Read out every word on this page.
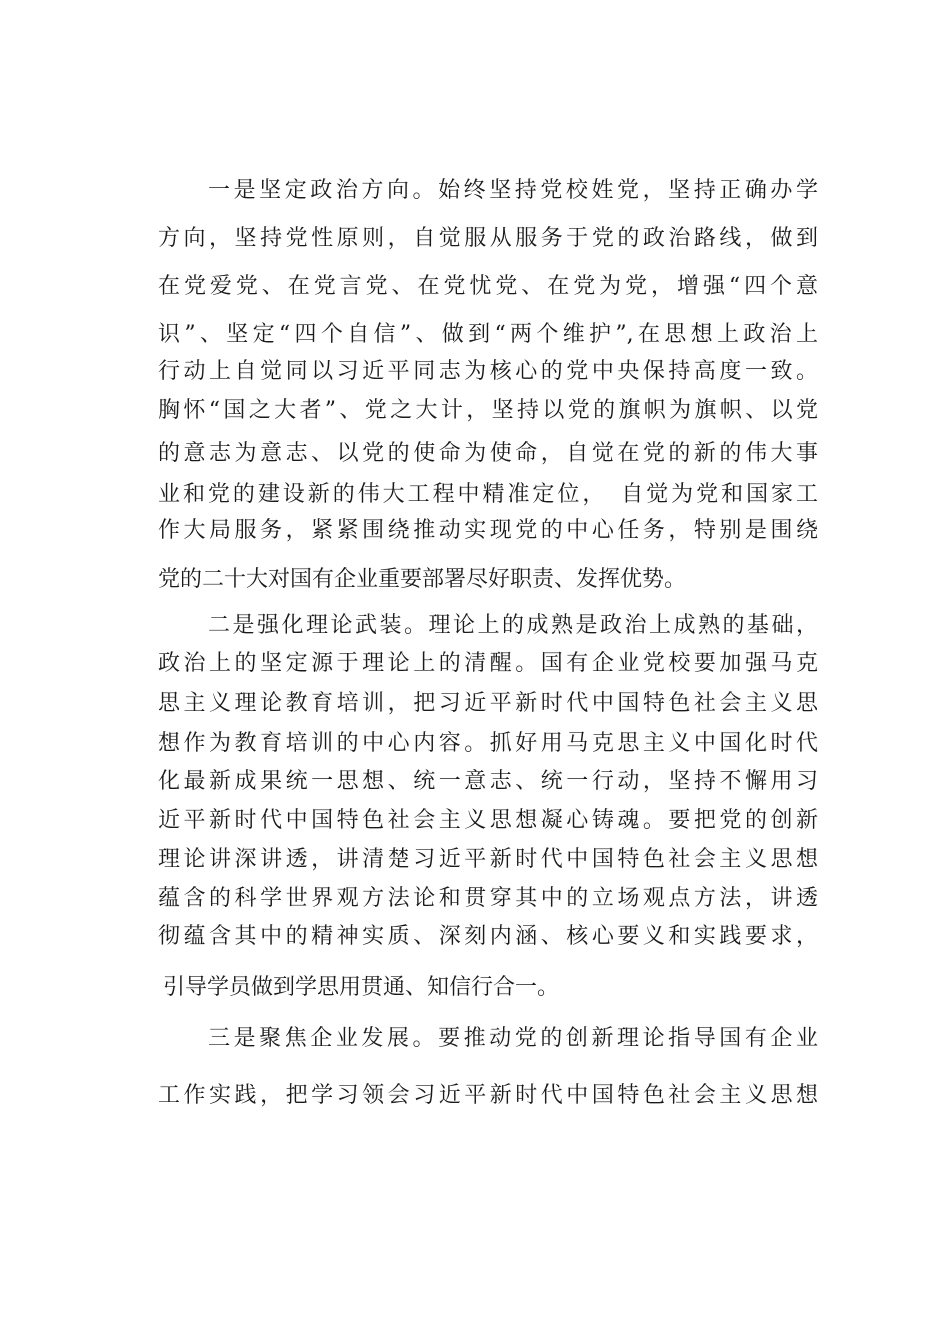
一是坚定政治方向。始终坚持党校姓党，坚持正确办学
方向，坚持党性原则，自觉服从服务于党的政治路线，做到
在党爱党、在党言党、在党忧党、在党为党，增强“四个意
识”、坚定“四个自信”、做到“两个维护”,在思想上政治上
行动上自觉同以习近平同志为核心的党中央保持高度一致。
胸怀“国之大者”、党之大计，坚持以党的旗帜为旗帜、以党
的意志为意志、以党的使命为使命，自觉在党的新的伟大事
业和党的建设新的伟大工程中精准定位，　自觉为党和国家工
作大局服务，紧紧围绕推动实现党的中心任务，特别是围绕
党的二十大对国有企业重要部署尽好职责、发挥优势。
二是强化理论武装。理论上的成熟是政治上成熟的基础，
政治上的坚定源于理论上的清醒。国有企业党校要加强马克
思主义理论教育培训，把习近平新时代中国特色社会主义思
想作为教育培训的中心内容。抓好用马克思主义中国化时代
化最新成果统一思想、统一意志、统一行动，坚持不懈用习
近平新时代中国特色社会主义思想凝心铸魂。要把党的创新
理论讲深讲透，讲清楚习近平新时代中国特色社会主义思想
蕴含的科学世界观方法论和贯穿其中的立场观点方法，讲透
彻蕴含其中的精神实质、深刻内涵、核心要义和实践要求，
引导学员做到学思用贯通、知信行合一。
三是聚焦企业发展。要推动党的创新理论指导国有企业
工作实践，把学习领会习近平新时代中国特色社会主义思想
